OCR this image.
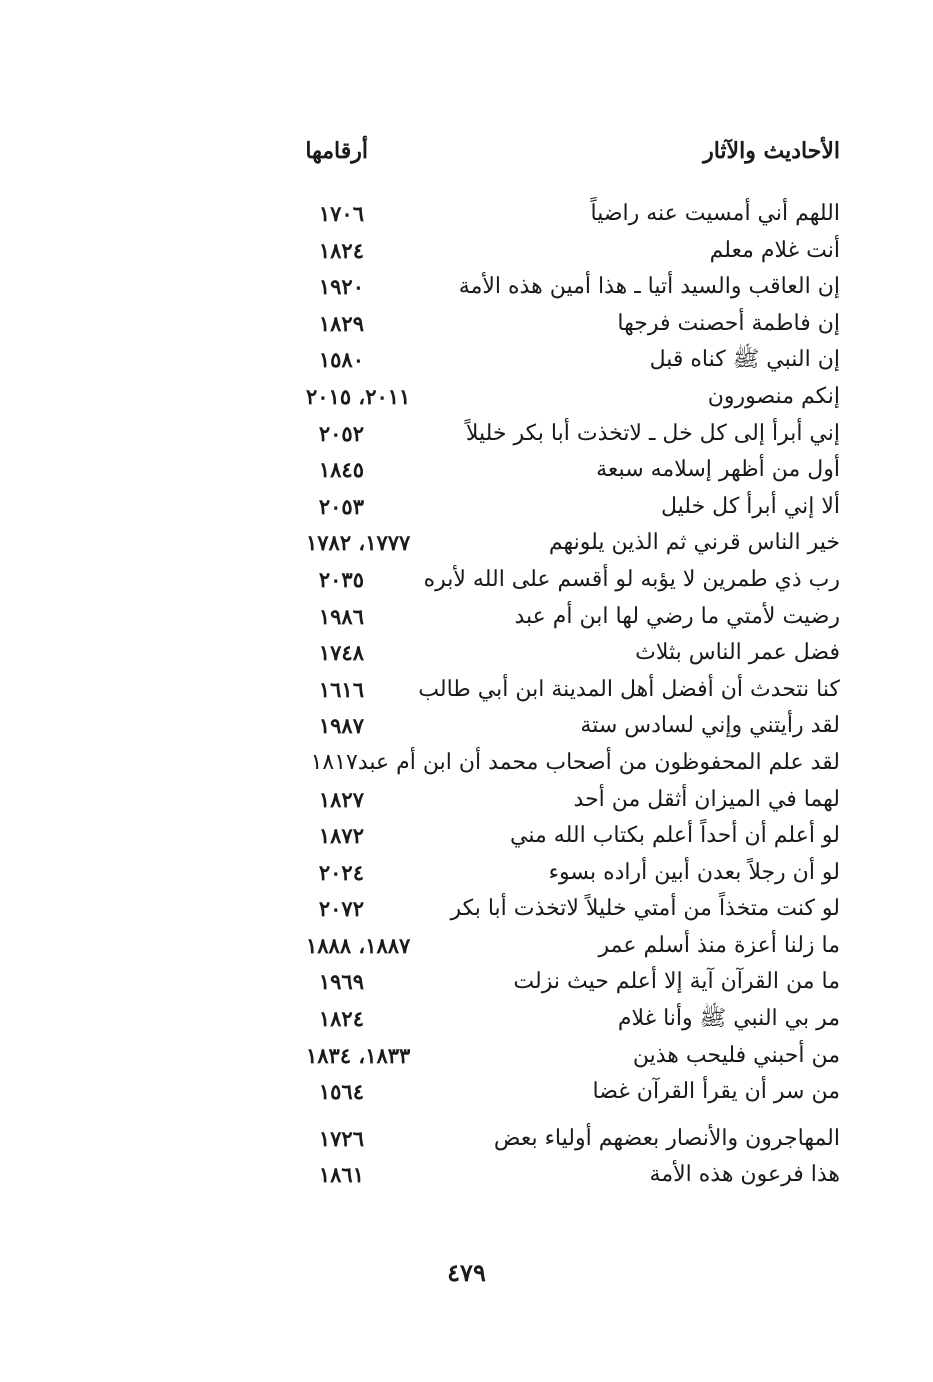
الأحاديث والآثار
أرقامها
اللهم أني أمسيت عنه راضياً
١٧٠٦
أنت غلام معلم
١٨٢٤
إن العاقب والسيد أتيا ـ هذا أمين هذه الأمة
١٩٢٠
إن فاطمة أحصنت فرجها
١٨٢٩
إن النبي ﷺ كناه قبل
١٥٨٠
إنكم منصورون
٢٠١١، ٢٠١٥
إني أبرأ إلى كل خل ـ لاتخذت أبا بكر خليلاً
٢٠٥٢
أول من أظهر إسلامه سبعة
١٨٤٥
ألا إني أبرأ كل خليل
٢٠٥٣
خير الناس قرني ثم الذين يلونهم
١٧٧٧، ١٧٨٢
رب ذي طمرين لا يؤبه لو أقسم على الله لأبره
٢٠٣٥
رضيت لأمتي ما رضي لها ابن أم عبد
١٩٨٦
فضل عمر الناس بثلاث
١٧٤٨
كنا نتحدث أن أفضل أهل المدينة ابن أبي طالب
١٦١٦
لقد رأيتني وإني لسادس ستة
١٩٨٧
لقد علم المحفوظون من أصحاب محمد أن ابن أم عبد١٨١٧
لهما في الميزان أثقل من أحد
١٨٢٧
لو أعلم أن أحداً أعلم بكتاب الله مني
١٨٧٢
لو أن رجلاً بعدن أبين أراده بسوء
٢٠٢٤
لو كنت متخذاً من أمتي خليلاً لاتخذت أبا بكر
٢٠٧٢
ما زلنا أعزة منذ أسلم عمر
١٨٨٧، ١٨٨٨
ما من القرآن آية إلا أعلم حيث نزلت
١٩٦٩
مر بي النبي ﷺ وأنا غلام
١٨٢٤
من أحبني فليحب هذين
١٨٣٣، ١٨٣٤
من سر أن يقرأ القرآن غضا
١٥٦٤
المهاجرون والأنصار بعضهم أولياء بعض
١٧٢٦
هذا فرعون هذه الأمة
١٨٦١
٤٧٩
